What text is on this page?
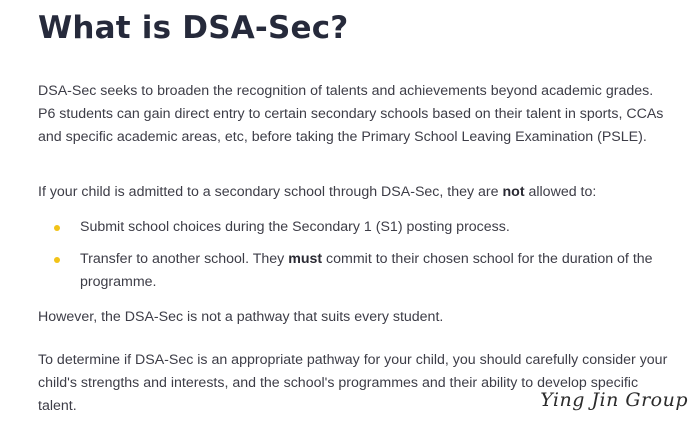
What is DSA-Sec?

DSA-Sec seeks to broaden the recognition of talents and achievements beyond academic grades. P6 students can gain direct entry to certain secondary schools based on their talent in sports, CCAs and specific academic areas, etc, before taking the Primary School Leaving Examination (PSLE).

If your child is admitted to a secondary school through DSA-Sec, they are not allowed to:

Submit school choices during the Secondary 1 (S1) posting process.
Transfer to another school. They must commit to their chosen school for the duration of the programme.

However, the DSA-Sec is not a pathway that suits every student.

To determine if DSA-Sec is an appropriate pathway for your child, you should carefully consider your child's strengths and interests, and the school's programmes and their ability to develop specific talent.	Ying Jin Group
